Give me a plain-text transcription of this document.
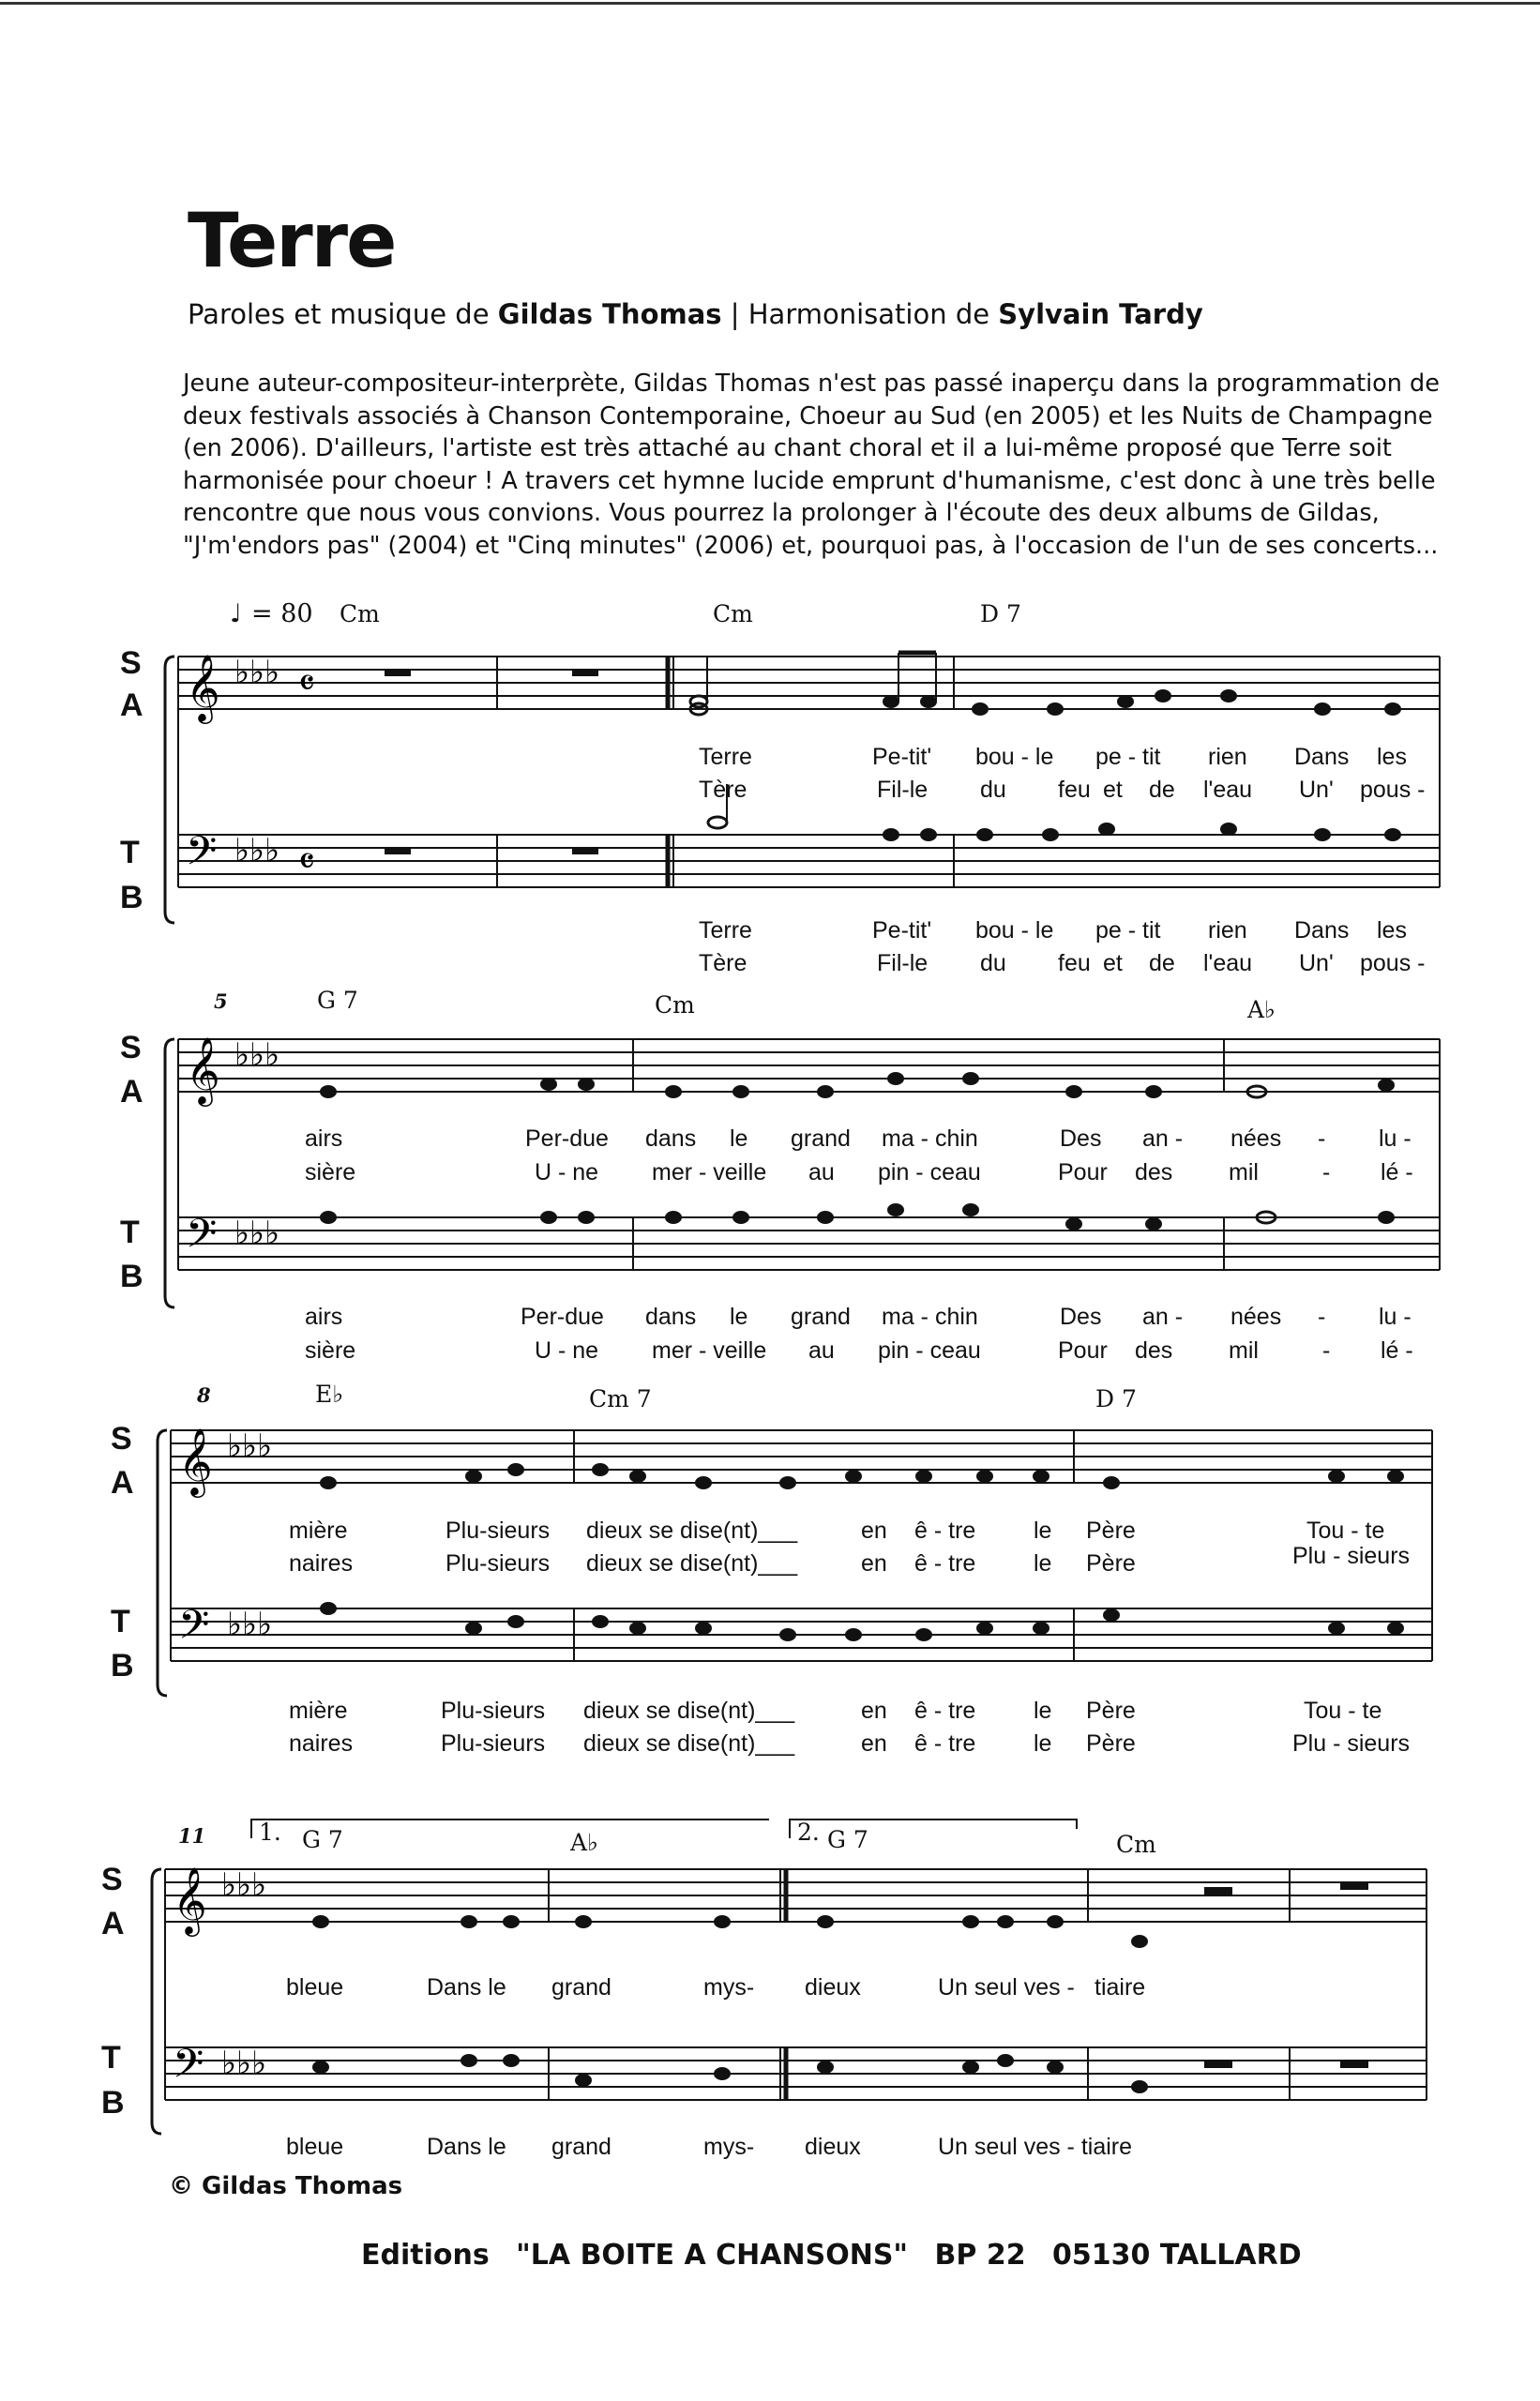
Terre
Paroles et musique de Gildas Thomas | Harmonisation de Sylvain Tardy
Jeune auteur-compositeur-interprète, Gildas Thomas n'est pas passé inaperçu dans la programmation de
deux festivals associés à Chanson Contemporaine, Choeur au Sud (en 2005) et les Nuits de Champagne
(en 2006). D'ailleurs, l'artiste est très attaché au chant choral et il a lui-même proposé que Terre soit
harmonisée pour choeur ! A travers cet hymne lucide emprunt d'humanisme, c'est donc à une très belle
rencontre que nous vous convions. Vous pourrez la prolonger à l'écoute des deux albums de Gildas,
"J'm'endors pas" (2004) et "Cinq minutes" (2006) et, pourquoi pas, à l'occasion de l'un de ses concerts...
♩ = 80 Cm	Cm	D 7
S
A
T
B
𝄞
𝄢
♭♭♭
♭♭♭
𝄴
𝄴
Terre	Pe-tit' bou - le pe - tit rien Dans les
Tère	Fil-le du feu et de l'eau Un' pous -
Terre	Pe-tit' bou - le pe - tit rien Dans les
Tère	Fil-le du feu et de l'eau Un' pous -
5	G 7	Cm	A♭
S
A
T
B
𝄞
𝄢
♭♭♭
♭♭♭
airs	Per-due dans le grand ma - chin	Des an - nées - lu -
sière	U - ne mer - veille au pin - ceau	Pour des mil	- lé -
airs	Per-due dans le grand ma - chin	Des an - nées - lu -
sière	U - ne mer - veille au pin - ceau	Pour des mil	- lé -
8	E♭	Cm 7	D 7
S
A
T
B
𝄞
𝄢
♭♭♭
♭♭♭
mière	Plu-sieurs dieux se dise(nt)___	en ê - tre le Père	Tou - te
naires	Plu-sieurs dieux se dise(nt)___	en ê - tre le Père	Plu - sieurs
mière	Plu-sieurs dieux se dise(nt)___	en ê - tre le Père	Tou - te
naires	Plu-sieurs dieux se dise(nt)___	en ê - tre le Père	Plu - sieurs
11 1. G 7	A♭	2. G 7	Cm
S
A
T
B
𝄞
𝄢
♭♭♭
♭♭♭
bleue	Dans le grand	mys- dieux	Un seul ves - tiaire
bleue	Dans le grand	mys- dieux	Un seul ves - tiaire
© Gildas Thomas
Editions "LA BOITE A CHANSONS" BP 22 05130 TALLARD
